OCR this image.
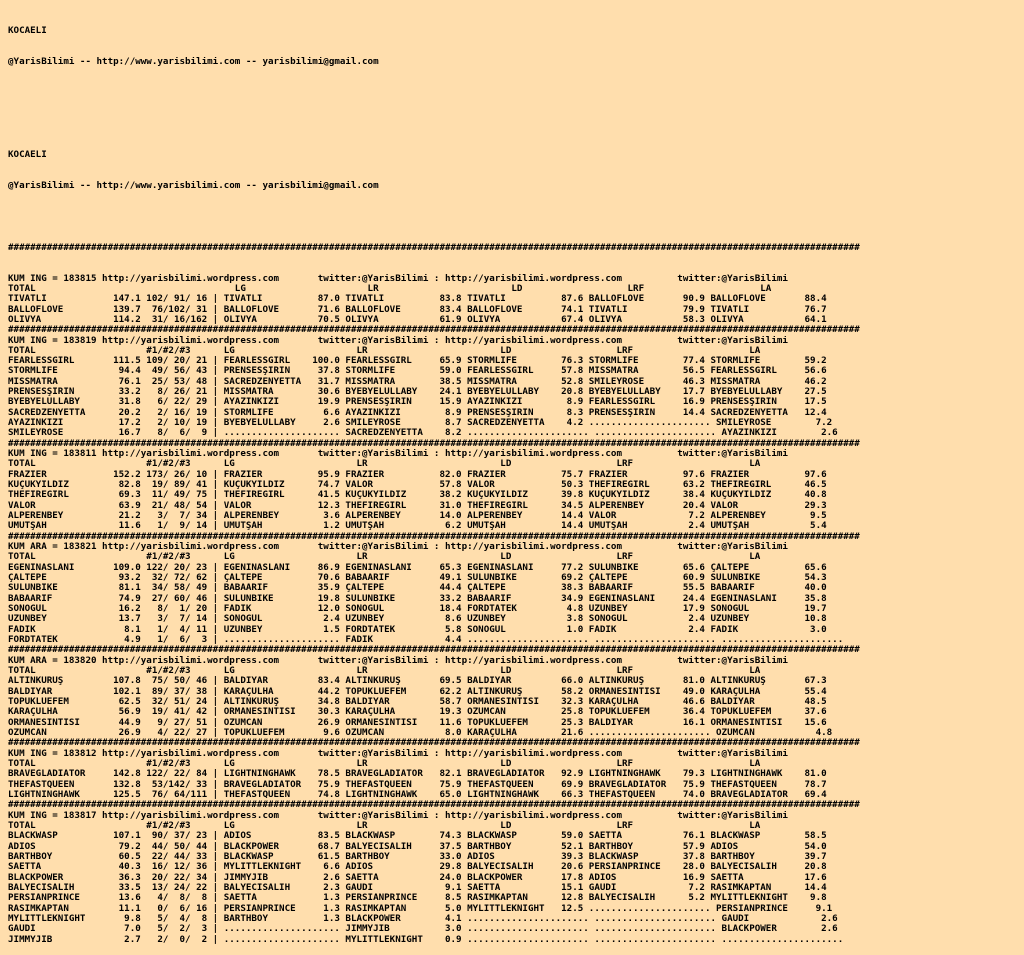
KOCAELI

@YarisBilimi -- http://www.yarisbilimi.com -- yarisbilimi@gmail.com

KOCAELI

@YarisBilimi -- http://www.yarisbilimi.com -- yarisbilimi@gmail.com

##########################################################################################################################################################

KUM ING = 183815 http://yarisbilimi.wordpress.com       twitter:@YarisBilimi : http://yarisbilimi.wordpress.com          twitter:@YarisBilimi
TOTAL                                    LG                      LR                        LD                   LRF                     LA
TIVATLI            147.1 102/ 91/ 16 | TIVATLI          87.0 TIVATLI          83.8 TIVATLI          87.6 BALLOFLOVE       90.9 BALLOFLOVE       88.4
BALLOFLOVE         139.7  76/102/ 31 | BALLOFLOVE       71.6 BALLOFLOVE       83.4 BALLOFLOVE       74.1 TIVATLI          79.9 TIVATLI          76.7
OLIVYA             114.2  31/ 16/162 | OLIVYA           70.5 OLIVYA           61.9 OLIVYA           67.4 OLIVYA           58.3 OLIVYA           64.1
##########################################################################################################################################################
KUM ING = 183819 http://yarisbilimi.wordpress.com       twitter:@YarisBilimi : http://yarisbilimi.wordpress.com          twitter:@YarisBilimi
TOTAL                    #1/#2/#3      LG                      LR                        LD                   LRF                     LA
FEARLESSGIRL       111.5 109/ 20/ 21 | FEARLESSGIRL    100.0 FEARLESSGIRL     65.9 STORMLIFE        76.3 STORMLIFE        77.4 STORMLIFE        59.2
STORMLIFE           94.4  49/ 56/ 43 | PRENSESŞİRİN     37.8 STORMLIFE        59.0 FEARLESSGIRL     57.8 MISSMATRA        56.5 FEARLESSGIRL     56.6
MISSMATRA           76.1  25/ 53/ 48 | SACREDZENYETTA   31.7 MISSMATRA        38.5 MISSMATRA        52.8 SMILEYROSE       46.3 MISSMATRA        46.2
PRENSESŞİRİN        33.2   8/ 26/ 21 | MISSMATRA        30.6 BYEBYELULLABY    24.1 BYEBYELULLABY    20.8 BYEBYELULLABY    17.7 BYEBYELULLABY    27.5
BYEBYELULLABY       31.8   6/ 22/ 29 | AYAZINKIZI       19.9 PRENSESŞİRİN     15.9 AYAZINKIZI        8.9 FEARLESSGIRL     16.9 PRENSESŞİRİN     17.5
SACREDZENYETTA      20.2   2/ 16/ 19 | STORMLIFE         6.6 AYAZINKIZI        8.9 PRENSESŞİRİN      8.3 PRENSESŞİRİN     14.4 SACREDZENYETTA   12.4
AYAZINKIZI          17.2   2/ 10/ 19 | BYEBYELULLABY     2.6 SMILEYROSE        8.7 SACREDZENYETTA    4.2 ...................... SMILEYROSE        7.2
SMILEYROSE          16.7   8/  6/  9 | ..................... SACREDZENYETTA    8.2 ...................... ...................... AYAZINKIZI        2.6
##########################################################################################################################################################
KUM ING = 183811 http://yarisbilimi.wordpress.com       twitter:@YarisBilimi : http://yarisbilimi.wordpress.com          twitter:@YarisBilimi
TOTAL                    #1/#2/#3      LG                      LR                        LD                   LRF                     LA
FRAZIER            152.2 173/ 26/ 10 | FRAZIER          95.9 FRAZIER          82.0 FRAZIER          75.7 FRAZIER          97.6 FRAZIER          97.6
KUÇUKYILDIZ         82.8  19/ 89/ 41 | KUÇUKYILDIZ      74.7 VALOR            57.8 VALOR            50.3 THEFIREGIRL      63.2 THEFIREGIRL      46.5
THEFIREGIRL         69.3  11/ 49/ 75 | THEFIREGIRL      41.5 KUÇUKYILDIZ      38.2 KUÇUKYILDIZ      39.8 KUÇUKYILDIZ      38.4 KUÇUKYILDIZ      40.8
VALOR               63.9  21/ 48/ 54 | VALOR            12.3 THEFIREGIRL      31.0 THEFIREGIRL      34.5 ALPERENBEY       20.4 VALOR            29.3
ALPERENBEY          21.2   3/  7/ 34 | ALPERENBEY        3.6 ALPERENBEY       14.0 ALPERENBEY       14.4 VALOR             7.2 ALPERENBEY        9.5
UMUTŞAH             11.6   1/  9/ 14 | UMUTŞAH           1.2 UMUTŞAH           6.2 UMUTŞAH          14.4 UMUTŞAH           2.4 UMUTŞAH           5.4
##########################################################################################################################################################
KUM ARA = 183821 http://yarisbilimi.wordpress.com       twitter:@YarisBilimi : http://yarisbilimi.wordpress.com          twitter:@YarisBilimi
TOTAL                    #1/#2/#3      LG                      LR                        LD                   LRF                     LA
EGENİNASLANI       109.0 122/ 20/ 23 | EGENİNASLANI     86.9 EGENİNASLANI     65.3 EGENİNASLANI     77.2 SULUNBİKE        65.6 ÇALTEPE          65.6
ÇALTEPE             93.2  32/ 72/ 62 | ÇALTEPE          70.6 BABAARİF         49.1 SULUNBİKE        69.2 ÇALTEPE          60.9 SULUNBİKE        54.3
SULUNBİKE           81.1  34/ 58/ 49 | BABAARİF         35.9 ÇALTEPE          44.4 ÇALTEPE          38.3 BABAARİF         55.5 BABAARİF         40.0
BABAARİF            74.9  27/ 60/ 46 | SULUNBİKE        19.8 SULUNBİKE        33.2 BABAARİF         34.9 EGENİNASLANI     24.4 EGENİNASLANI     35.8
SONOGUL             16.2   8/  1/ 20 | FADİK            12.0 SONOGUL          18.4 FORDTATEK         4.8 UZUNBEY          17.9 SONOGUL          19.7
UZUNBEY             13.7   3/  7/ 14 | SONOGUL           2.4 UZUNBEY           8.6 UZUNBEY           3.8 SONOGUL           2.4 UZUNBEY          10.8
FADİK                8.1   1/  4/ 11 | UZUNBEY           1.5 FORDTATEK         5.8 SONOGUL           1.0 FADİK             2.4 FADİK             3.0
FORDTATEK            4.9   1/  6/  3 | ..................... FADİK             4.4 ...................... ...................... ......................
##########################################################################################################################################################
KUM ARA = 183820 http://yarisbilimi.wordpress.com       twitter:@YarisBilimi : http://yarisbilimi.wordpress.com          twitter:@YarisBilimi
TOTAL                    #1/#2/#3      LG                      LR                        LD                   LRF                     LA
ALTINKURUŞ         107.8  75/ 50/ 46 | BALDIYAR         83.4 ALTINKURUŞ       69.5 BALDIYAR         66.0 ALTINKURUŞ       81.0 ALTINKURUŞ       67.3
BALDIYAR           102.1  89/ 37/ 38 | KARAÇULHA        44.2 TOPUKLUEFEM      62.2 ALTINKURUŞ       58.2 ORMANESİNTİSİ    49.0 KARAÇULHA        55.4
TOPUKLUEFEM         62.5  32/ 51/ 24 | ALTINKURUŞ       34.8 BALDIYAR         58.7 ORMANESİNTİSİ    32.3 KARAÇULHA        46.6 BALDIYAR         48.5
KARAÇULHA           56.9  19/ 41/ 42 | ORMANESİNTİSİ    30.3 KARAÇULHA        19.3 ÖZUMCAN          25.8 TOPUKLUEFEM      36.4 TOPUKLUEFEM      37.6
ORMANESİNTİSİ       44.9   9/ 27/ 51 | ÖZUMCAN          26.9 ORMANESİNTİSİ    11.6 TOPUKLUEFEM      25.3 BALDIYAR         16.1 ORMANESİNTİSİ    15.6
ÖZUMCAN             26.9   4/ 22/ 27 | TOPUKLUEFEM       9.6 ÖZUMCAN           8.0 KARAÇULHA        21.6 ...................... ÖZUMCAN           4.8
##########################################################################################################################################################
KUM ING = 183812 http://yarisbilimi.wordpress.com       twitter:@YarisBilimi : http://yarisbilimi.wordpress.com          twitter:@YarisBilimi
TOTAL                    #1/#2/#3      LG                      LR                        LD                   LRF                     LA
BRAVEGLADIATOR     142.8 122/ 22/ 84 | LIGHTNINGHAWK    78.5 BRAVEGLADIATOR   82.1 BRAVEGLADIATOR   92.9 LIGHTNINGHAWK    79.3 LIGHTNINGHAWK    81.0
THEFASTQUEEN       132.8  53/142/ 33 | BRAVEGLADIATOR   75.9 THEFASTQUEEN     75.9 THEFASTQUEEN     69.9 BRAVEGLADIATOR   75.9 THEFASTQUEEN     78.7
LIGHTNINGHAWK      125.5  76/ 64/111 | THEFASTQUEEN     74.8 LIGHTNINGHAWK    65.0 LIGHTNINGHAWK    66.3 THEFASTQUEEN     74.0 BRAVEGLADIATOR   69.4
##########################################################################################################################################################
KUM ING = 183817 http://yarisbilimi.wordpress.com       twitter:@YarisBilimi : http://yarisbilimi.wordpress.com          twitter:@YarisBilimi
TOTAL                    #1/#2/#3      LG                      LR                        LD                   LRF                     LA
BLACKWASP          107.1  90/ 37/ 23 | ADIOS            83.5 BLACKWASP        74.3 BLACKWASP        59.0 SAETTA           76.1 BLACKWASP        58.5
ADIOS               79.2  44/ 50/ 44 | BLACKPOWER       68.7 BALYECİSALİH     37.5 BARTHBOY         52.1 BARTHBOY         57.9 ADIOS            54.0
BARTHBOY            60.5  22/ 44/ 33 | BLACKWASP        61.5 BARTHBOY         33.0 ADIOS            39.3 BLACKWASP        37.8 BARTHBOY         39.7
SAETTA              40.3  16/ 12/ 36 | MYLITTLEKNIGHT    6.6 ADIOS            29.8 BALYECİSALİH     20.6 PERSIANPRINCE    28.0 BALYECİSALİH     20.8
BLACKPOWER          36.3  20/ 22/ 34 | JIMMYJIB          2.6 SAETTA           24.0 BLACKPOWER       17.8 ADIOS            16.9 SAETTA           17.6
BALYECİSALİH        33.5  13/ 24/ 22 | BALYECİSALİH      2.3 GAUDI             9.1 SAETTA           15.1 GAUDI             7.2 RASIMKAPTAN      14.4
PERSIANPRINCE       13.6   4/  8/  8 | SAETTA            1.3 PERSIANPRINCE     8.5 RASIMKAPTAN      12.8 BALYECİSALİH      5.2 MYLITTLEKNIGHT    9.8
RASIMKAPTAN         11.1   0/  6/ 16 | PERSIANPRINCE     1.3 RASIMKAPTAN       5.0 MYLITTLEKNIGHT   12.5 ...................... PERSIANPRINCE     9.1
MYLITTLEKNIGHT       9.8   5/  4/  8 | BARTHBOY          1.3 BLACKPOWER        4.1 ...................... ...................... GAUDI             2.6
GAUDI                7.0   5/  2/  3 | ..................... JIMMYJIB          3.0 ...................... ...................... BLACKPOWER        2.6
JIMMYJIB             2.7   2/  0/  2 | ..................... MYLITTLEKNIGHT    0.9 ...................... ...................... ......................
